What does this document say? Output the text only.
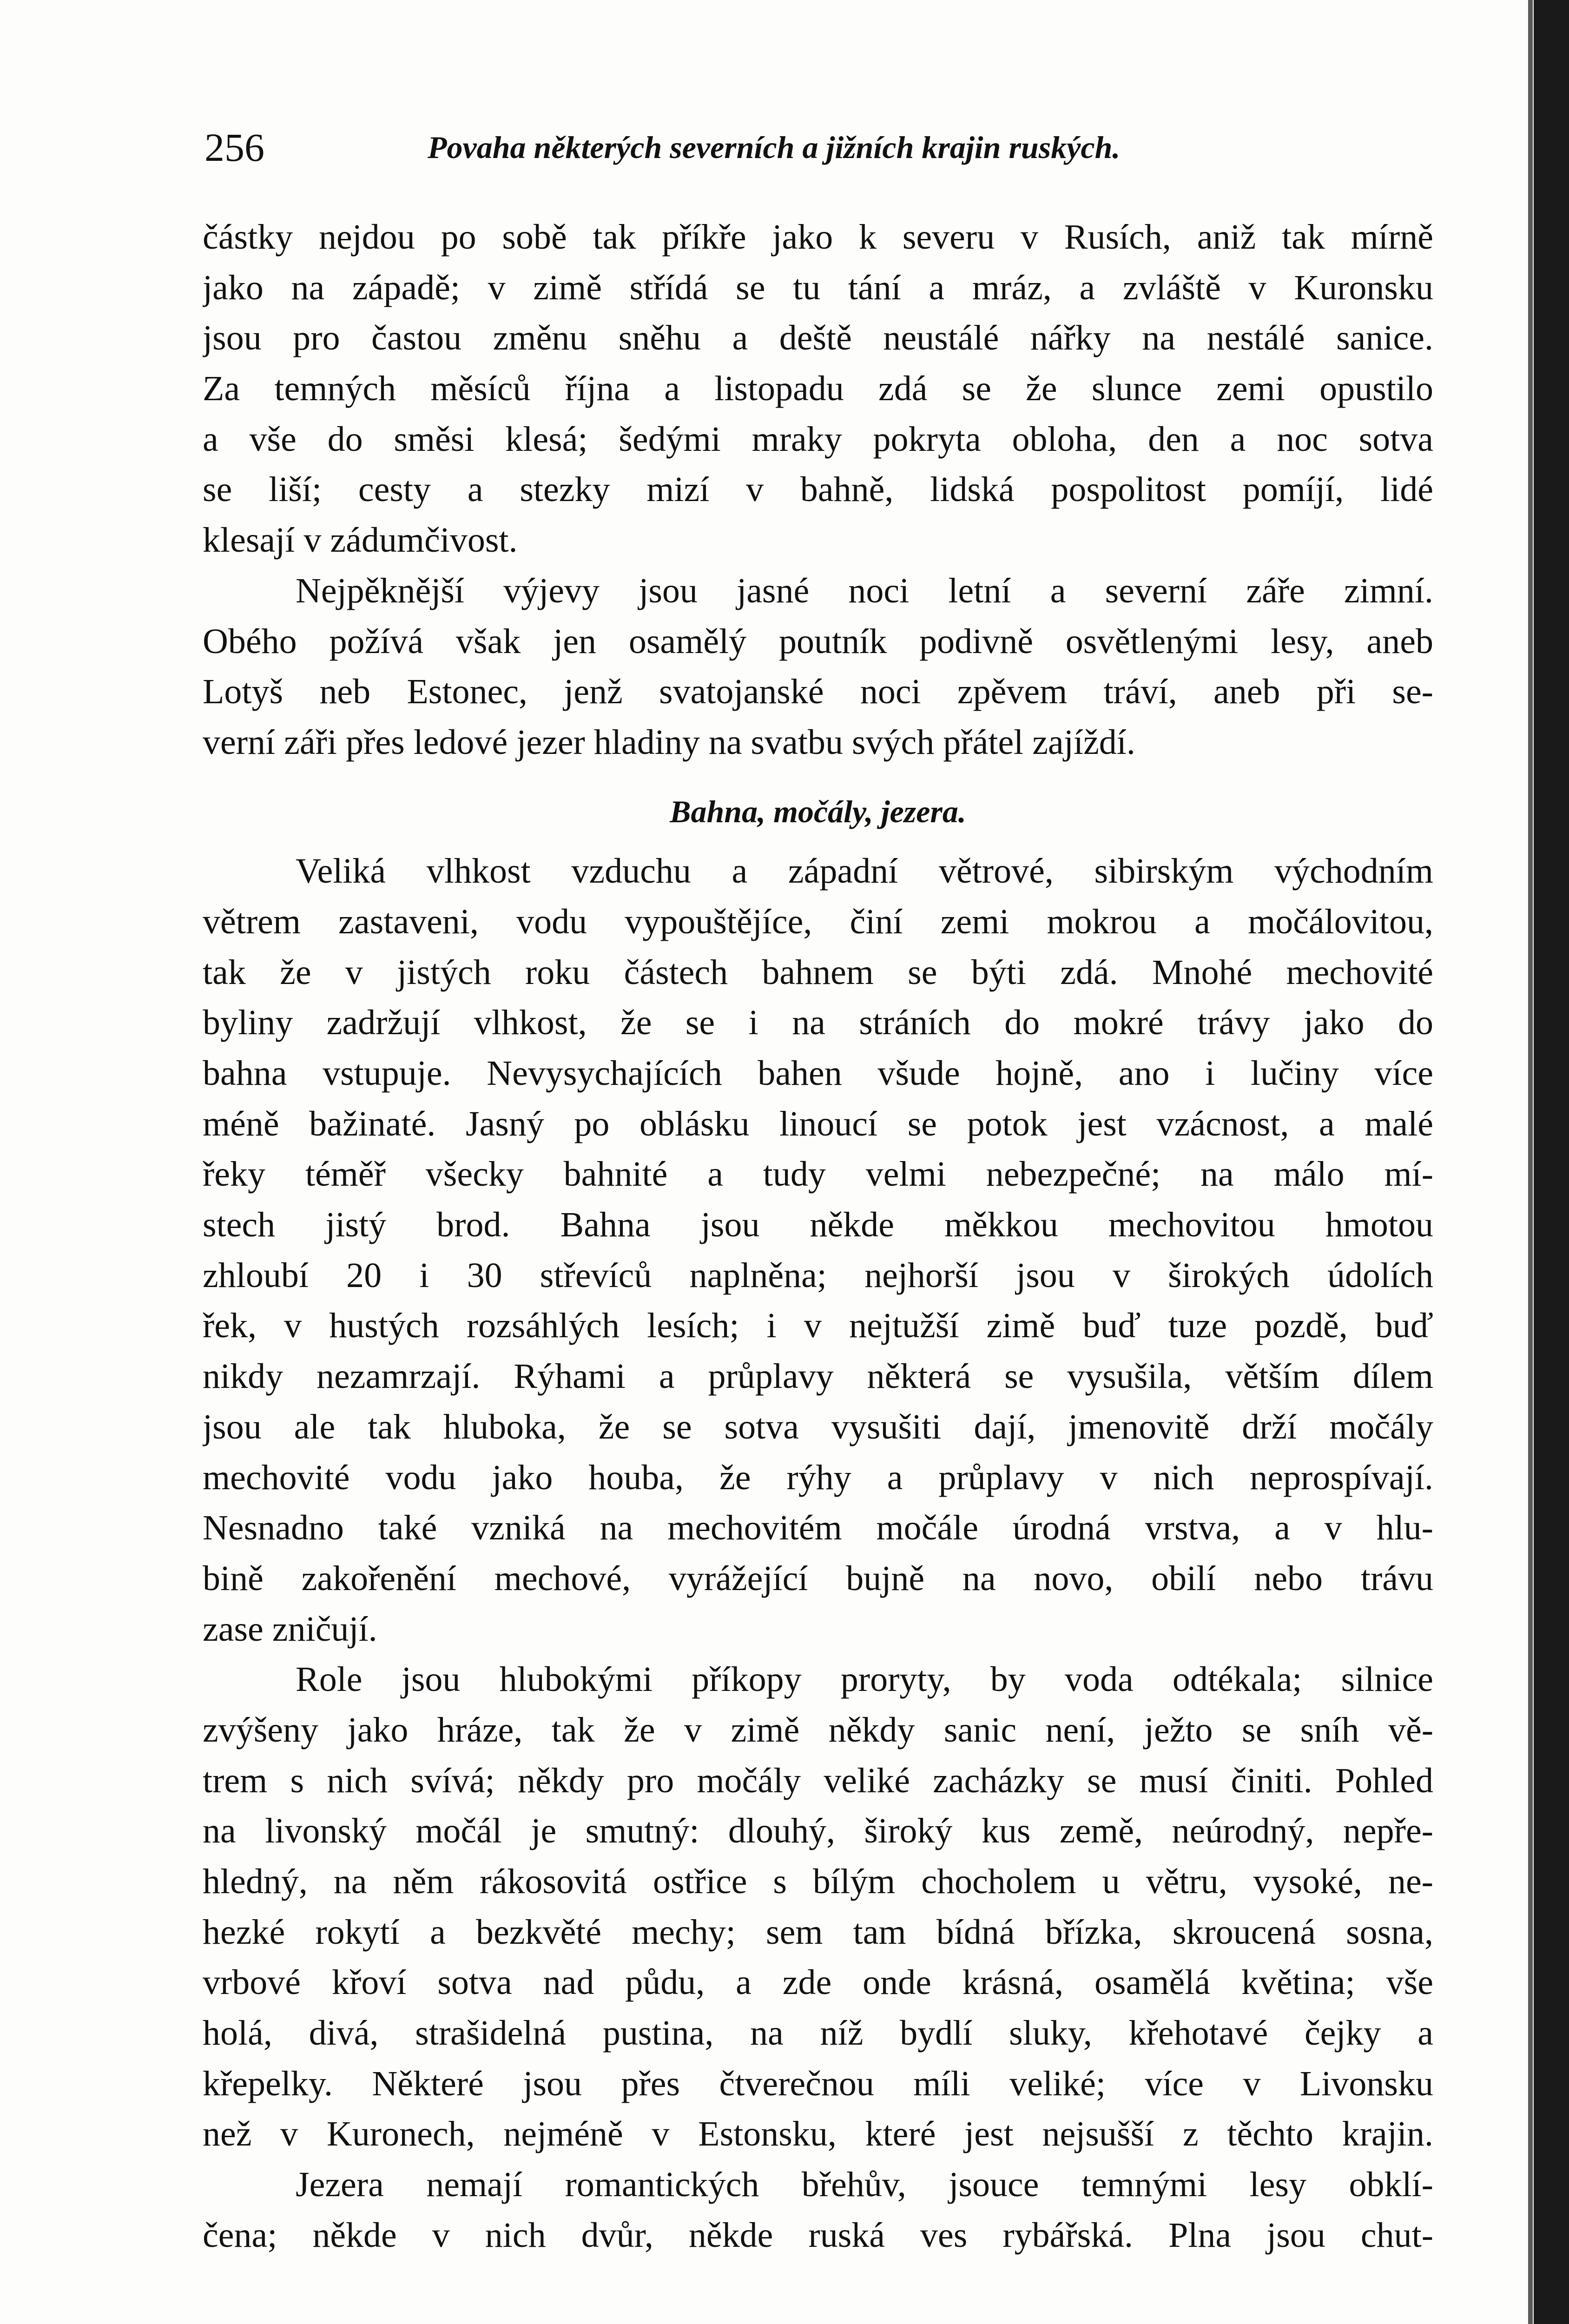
256	Povaha některých severních a jižních krajin ruských.
částky nejdou po sobě tak příkře jako k severu v Rusích, aniž tak mírně
jako na západě; v zimě střídá se tu tání a mráz, a zvláště v Kuronsku
jsou pro častou změnu sněhu a deště neustálé nářky na nestálé sanice.
Za temných měsíců října a listopadu zdá se že slunce zemi opustilo
a vše do směsi klesá; šedými mraky pokryta obloha, den a noc sotva
se liší; cesty a stezky mizí v bahně, lidská pospolitost pomíjí, lidé
klesají v zádumčivost.
Nejpěknější výjevy jsou jasné noci letní a severní záře zimní.
Obého požívá však jen osamělý poutník podivně osvětlenými lesy, aneb
Lotyš neb Estonec, jenž svatojanské noci zpěvem tráví, aneb při se-
verní záři přes ledové jezer hladiny na svatbu svých přátel zajíždí.
Bahna, močály, jezera.
Veliká vlhkost vzduchu a západní větrové, sibirským východním
větrem zastaveni, vodu vypouštějíce, činí zemi mokrou a močálovitou,
tak že v jistých roku částech bahnem se býti zdá. Mnohé mechovité
byliny zadržují vlhkost, že se i na stráních do mokré trávy jako do
bahna vstupuje. Nevysychajících bahen všude hojně, ano i lučiny více
méně bažinaté. Jasný po oblásku linoucí se potok jest vzácnost, a malé
řeky téměř všecky bahnité a tudy velmi nebezpečné; na málo mí-
stech jistý brod. Bahna jsou někde měkkou mechovitou hmotou
zhloubí 20 i 30 střevíců naplněna; nejhorší jsou v širokých údolích
řek, v hustých rozsáhlých lesích; i v nejtužší zimě buď tuze pozdě, buď
nikdy nezamrzají. Rýhami a průplavy některá se vysušila, větším dílem
jsou ale tak hluboka, že se sotva vysušiti dají, jmenovitě drží močály
mechovité vodu jako houba, že rýhy a průplavy v nich neprospívají.
Nesnadno také vzniká na mechovitém močále úrodná vrstva, a v hlu-
bině zakořenění mechové, vyrážející bujně na novo, obilí nebo trávu
zase zničují.
Role jsou hlubokými příkopy proryty, by voda odtékala; silnice
zvýšeny jako hráze, tak že v zimě někdy sanic není, ježto se sníh vě-
trem s nich svívá; někdy pro močály veliké zacházky se musí činiti. Pohled
na livonský močál je smutný: dlouhý, široký kus země, neúrodný, nepře-
hledný, na něm rákosovitá ostřice s bílým chocholem u větru, vysoké, ne-
hezké rokytí a bezkvěté mechy; sem tam bídná břízka, skroucená sosna,
vrbové křoví sotva nad půdu, a zde onde krásná, osamělá květina; vše
holá, divá, strašidelná pustina, na níž bydlí sluky, křehotavé čejky a
křepelky. Některé jsou přes čtverečnou míli veliké; více v Livonsku
než v Kuronech, nejméně v Estonsku, které jest nejsušší z těchto krajin.
Jezera nemají romantických břehův, jsouce temnými lesy obklí-
čena; někde v nich dvůr, někde ruská ves rybářská. Plna jsou chut-
